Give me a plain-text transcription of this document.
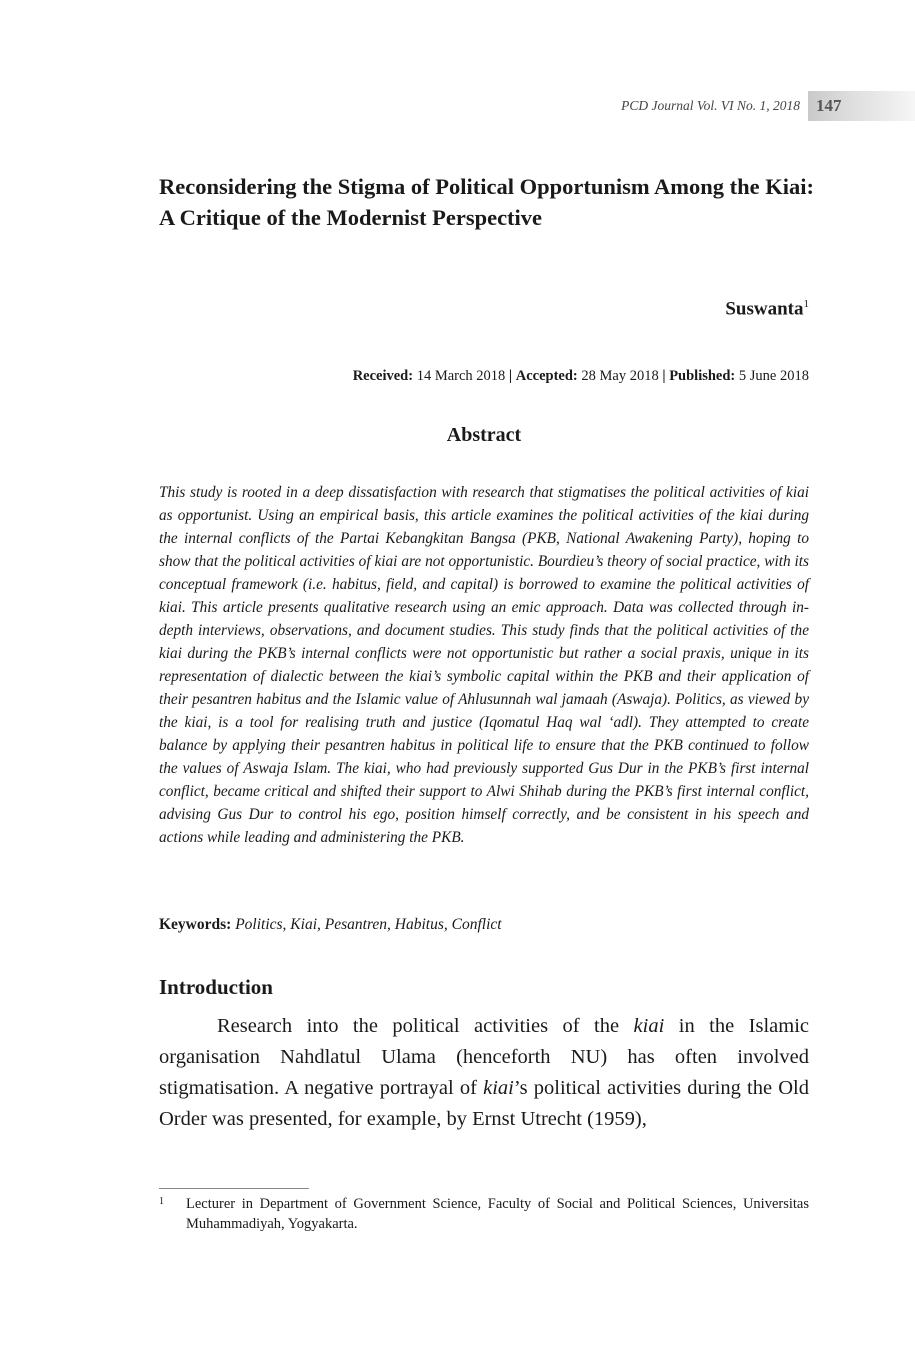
PCD Journal Vol. VI No. 1, 2018 147
Reconsidering the Stigma of Political Opportunism Among the Kiai: A Critique of the Modernist Perspective
Suswanta$^1$
Received: 14 March 2018 | Accepted: 28 May 2018 | Published: 5 June 2018
Abstract

This study is rooted in a deep dissatisfaction with research that stigmatises the political activities of kiai as opportunist. Using an empirical basis, this article examines the political activities of the kiai during the internal conflicts of the Partai Kebangkitan Bangsa (PKB, National Awakening Party), hoping to show that the political activities of kiai are not opportunistic. Bourdieu’s theory of social practice, with its conceptual framework (i.e. habitus, field, and capital) is borrowed to examine the political activities of kiai. This article presents qualitative research using an emic approach. Data was collected through in-depth interviews, observations, and document studies. This study finds that the political activities of the kiai during the PKB’s internal conflicts were not opportunistic but rather a social praxis, unique in its representation of dialectic between the kiai’s symbolic capital within the PKB and their application of their pesantren habitus and the Islamic value of Ahlusunnah wal jamaah (Aswaja). Politics, as viewed by the kiai, is a tool for realising truth and justice (Iqomatul Haq wal ‘adl). They attempted to create balance by applying their pesantren habitus in political life to ensure that the PKB continued to follow the values of Aswaja Islam. The kiai, who had previously supported Gus Dur in the PKB’s first internal conflict, became critical and shifted their support to Alwi Shihab during the PKB’s first internal conflict, advising Gus Dur to control his ego, position himself correctly, and be consistent in his speech and actions while leading and administering the PKB.

Keywords: Politics, Kiai, Pesantren, Habitus, Conflict
Introduction

Research into the political activities of the kiai in the Islamic organisation Nahdlatul Ulama (henceforth NU) has often involved stigmatisation. A negative portrayal of kiai’s political activities during the Old Order was presented, for example, by Ernst Utrecht (1959),

1 Lecturer in Department of Government Science, Faculty of Social and Political Sciences, Universitas Muhammadiyah, Yogyakarta.
